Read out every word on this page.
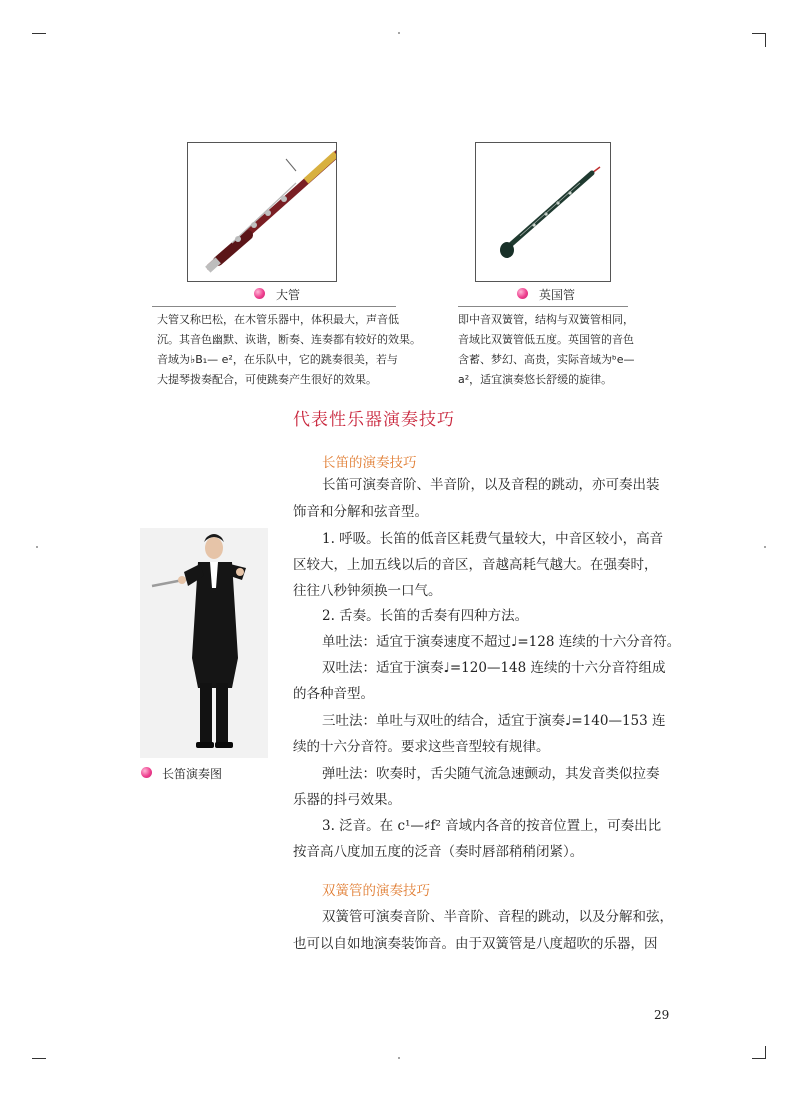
大管

大管又称巴松，在木管乐器中，体积最大，声音低

沉。其音色幽默、诙谐，断奏、连奏都有较好的效果。

音域为♭B₁— e²，在乐队中，它的跳奏很美，若与

大提琴拨奏配合，可使跳奏产生很好的效果。

英国管

即中音双簧管，结构与双簧管相同，

音域比双簧管低五度。英国管的音色

含蓄、梦幻、高贵，实际音域为ᵇe—

a²，适宜演奏悠长舒缓的旋律。

代表性乐器演奏技巧
长笛的演奏技巧
长笛演奏图
长笛可演奏音阶、半音阶，以及音程的跳动，亦可奏出装
饰音和分解和弦音型。
1. 呼吸。长笛的低音区耗费气量较大，中音区较小，高音
区较大，上加五线以后的音区，音越高耗气越大。在强奏时，
往往八秒钟须换一口气。
2. 舌奏。长笛的舌奏有四种方法。
单吐法：适宜于演奏速度不超过♩=128 连续的十六分音符。
双吐法：适宜于演奏♩=120—148 连续的十六分音符组成
的各种音型。
三吐法：单吐与双吐的结合，适宜于演奏♩=140—153 连
续的十六分音符。要求这些音型较有规律。
弹吐法：吹奏时，舌尖随气流急速颤动，其发音类似拉奏
乐器的抖弓效果。
3. 泛音。在 c¹—♯f² 音域内各音的按音位置上，可奏出比
按音高八度加五度的泛音（奏时唇部稍稍闭紧）。
双簧管的演奏技巧
双簧管可演奏音阶、半音阶、音程的跳动，以及分解和弦，
也可以自如地演奏装饰音。由于双簧管是八度超吹的乐器，因
29
